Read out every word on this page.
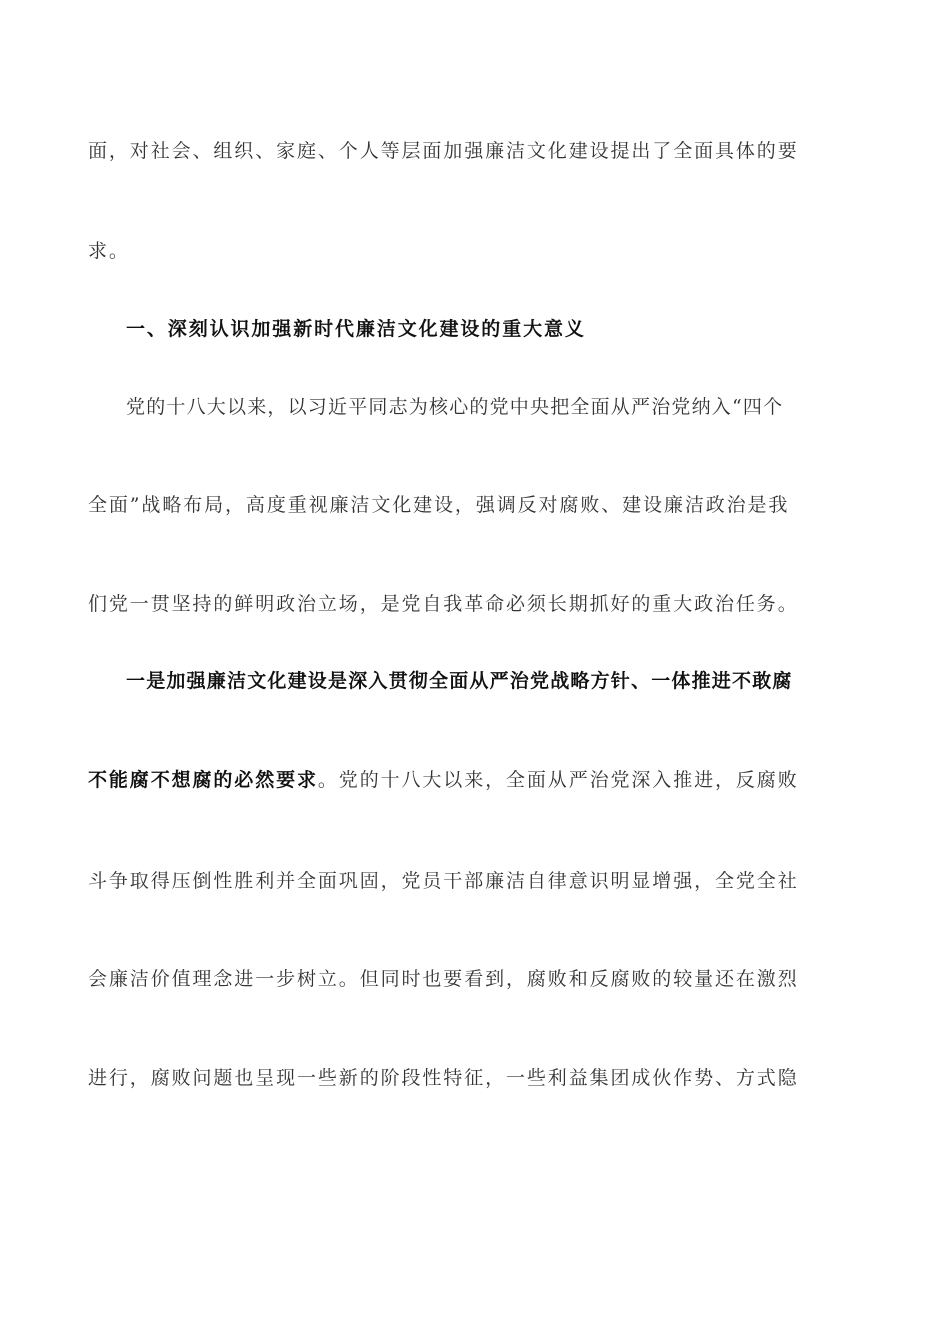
面，对社会、组织、家庭、个人等层面加强廉洁文化建设提出了全面具体的要
求。
一、深刻认识加强新时代廉洁文化建设的重大意义
党的十八大以来，以习近平同志为核心的党中央把全面从严治党纳入“四个
全面”战略布局，高度重视廉洁文化建设，强调反对腐败、建设廉洁政治是我
们党一贯坚持的鲜明政治立场，是党自我革命必须长期抓好的重大政治任务。
一是加强廉洁文化建设是深入贯彻全面从严治党战略方针、一体推进不敢腐
不能腐不想腐的必然要求。党的十八大以来，全面从严治党深入推进，反腐败
斗争取得压倒性胜利并全面巩固，党员干部廉洁自律意识明显增强，全党全社
会廉洁价值理念进一步树立。但同时也要看到，腐败和反腐败的较量还在激烈
进行，腐败问题也呈现一些新的阶段性特征，一些利益集团成伙作势、方式隐
